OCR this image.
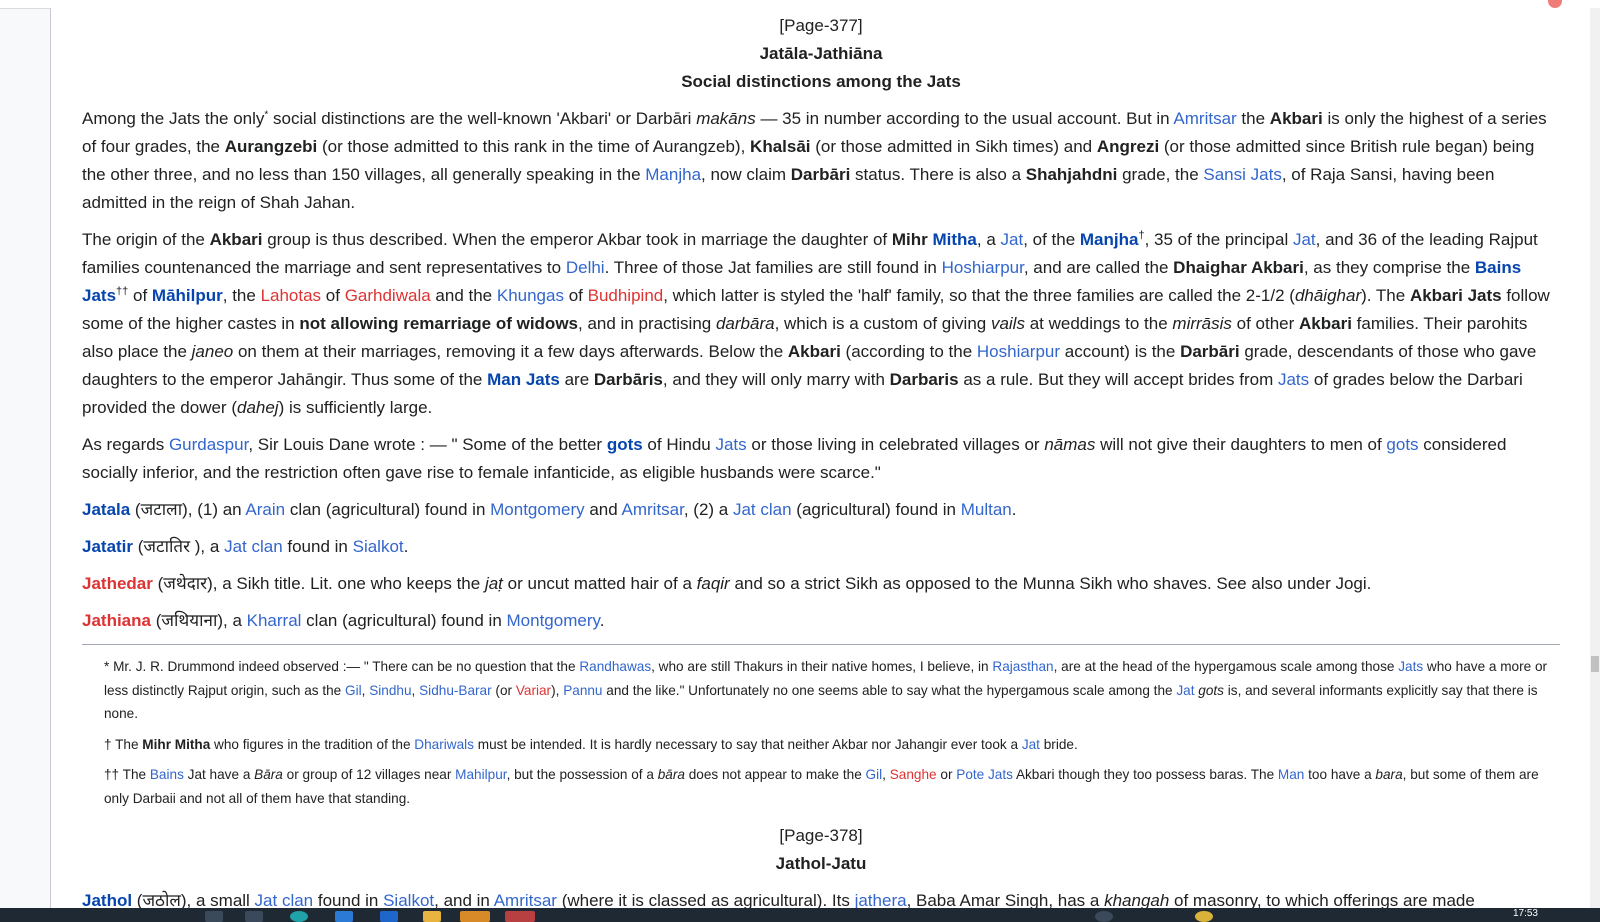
[Page-377]
Jatāla-Jathiāna
Social distinctions among the Jats

Among the Jats the only* social distinctions are the well-known 'Akbari' or Darbāri makāns — 35 in number according to the usual account. But in Amritsar the Akbari is only the highest of a series of four grades, the Aurangzebi (or those admitted to this rank in the time of Aurangzeb), Khalsāi (or those admitted in Sikh times) and Angrezi (or those admitted since British rule began) being the other three, and no less than 150 villages, all generally speaking in the Manjha, now claim Darbāri status. There is also a Shahjahdni grade, the Sansi Jats, of Raja Sansi, having been admitted in the reign of Shah Jahan.

The origin of the Akbari group is thus described. When the emperor Akbar took in marriage the daughter of Mihr Mitha, a Jat, of the Manjha†, 35 of the principal Jat, and 36 of the leading Rajput families countenanced the marriage and sent representatives to Delhi. Three of those Jat families are still found in Hoshiarpur, and are called the Dhaighar Akbari, as they comprise the Bains Jats†† of Māhilpur, the Lahotas of Garhdiwala and the Khungas of Budhipind, which latter is styled the 'half' family, so that the three families are called the 2-1/2 (dhāighar). The Akbari Jats follow some of the higher castes in not allowing remarriage of widows, and in practising darbāra, which is a custom of giving vails at weddings to the mirrāsis of other Akbari families. Their parohits also place the janeo on them at their marriages, removing it a few days afterwards. Below the Akbari (according to the Hoshiarpur account) is the Darbāri grade, descendants of those who gave daughters to the emperor Jahāngir. Thus some of the Man Jats are Darbāris, and they will only marry with Darbaris as a rule. But they will accept brides from Jats of grades below the Darbari provided the dower (dahej) is sufficiently large.

As regards Gurdaspur, Sir Louis Dane wrote : — " Some of the better gots of Hindu Jats or those living in celebrated villages or nāmas will not give their daughters to men of gots considered socially inferior, and the restriction often gave rise to female infanticide, as eligible husbands were scarce."

Jatala (जटाला), (1) an Arain clan (agricultural) found in Montgomery and Amritsar, (2) a Jat clan (agricultural) found in Multan.

Jatatir (जटातिर ), a Jat clan found in Sialkot.

Jathedar (जथेदार), a Sikh title. Lit. one who keeps the jaṭ or uncut matted hair of a faqir and so a strict Sikh as opposed to the Munna Sikh who shaves. See also under Jogi.

Jathiana (जथियाना), a Kharral clan (agricultural) found in Montgomery.

* Mr. J. R. Drummond indeed observed :— " There can be no question that the Randhawas, who are still Thakurs in their native homes, I believe, in Rajasthan, are at the head of the hypergamous scale among those Jats who have a more or less distinctly Rajput origin, such as the Gil, Sindhu, Sidhu-Barar (or Variar), Pannu and the like." Unfortunately no one seems able to say what the hypergamous scale among the Jat gots is, and several informants explicitly say that there is none.
† The Mihr Mitha who figures in the tradition of the Dhariwals must be intended. It is hardly necessary to say that neither Akbar nor Jahangir ever took a Jat bride.
†† The Bains Jat have a Bāra or group of 12 villages near Mahilpur, but the possession of a bāra does not appear to make the Gil, Sanghe or Pote Jats Akbari though they too possess baras. The Man too have a bara, but some of them are only Darbaii and not all of them have that standing.
[Page-378]
Jathol-Jatu

Jathol (जठोल), a small Jat clan found in Sialkot, and in Amritsar (where it is classed as agricultural). Its jathera, Baba Amar Singh, has a khangah of masonry, to which offerings are made

17:53
